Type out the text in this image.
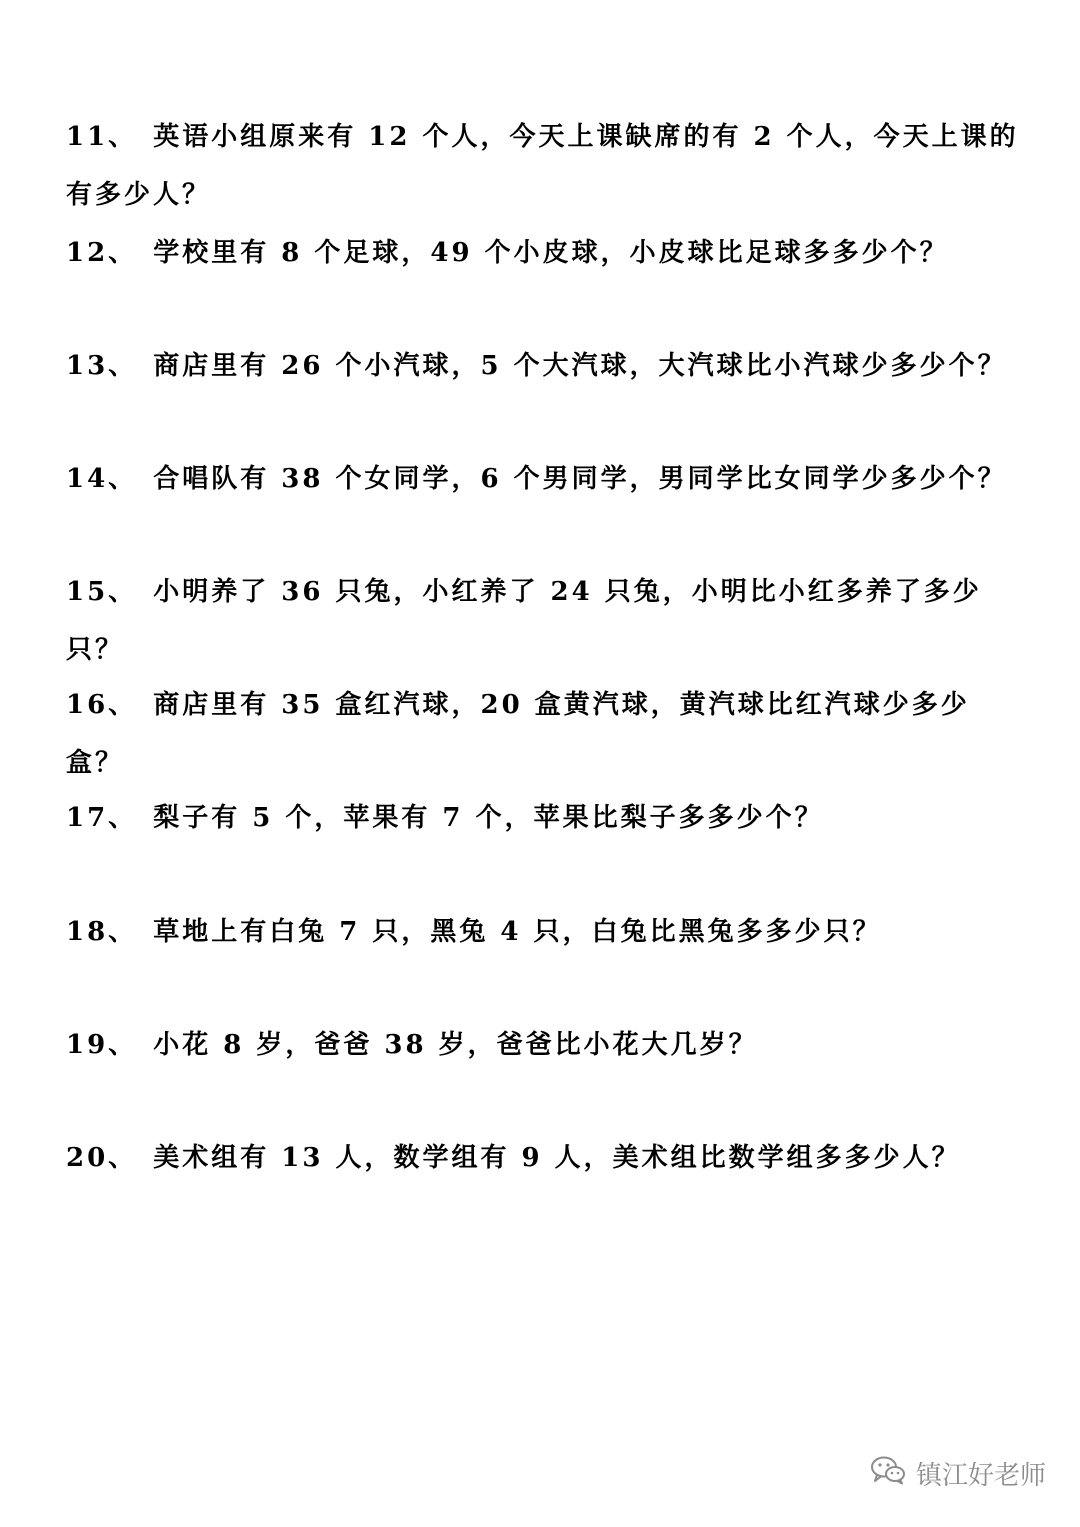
11、 英语小组原来有 12 个人，今天上课缺席的有 2 个人，今天上课的有多少人？
12、 学校里有 8 个足球，49 个小皮球，小皮球比足球多多少个？
13、 商店里有 26 个小汽球，5 个大汽球，大汽球比小汽球少多少个？
14、 合唱队有 38 个女同学，6 个男同学，男同学比女同学少多少个？
15、 小明养了 36 只兔，小红养了 24 只兔，小明比小红多养了多少只？
16、 商店里有 35 盒红汽球，20 盒黄汽球，黄汽球比红汽球少多少盒？
17、 梨子有 5 个，苹果有 7 个，苹果比梨子多多少个？
18、 草地上有白兔 7 只，黑兔 4 只，白兔比黑兔多多少只？
19、 小花 8 岁，爸爸 38 岁，爸爸比小花大几岁？
20、 美术组有 13 人，数学组有 9 人，美术组比数学组多多少人？
镇江好老师
